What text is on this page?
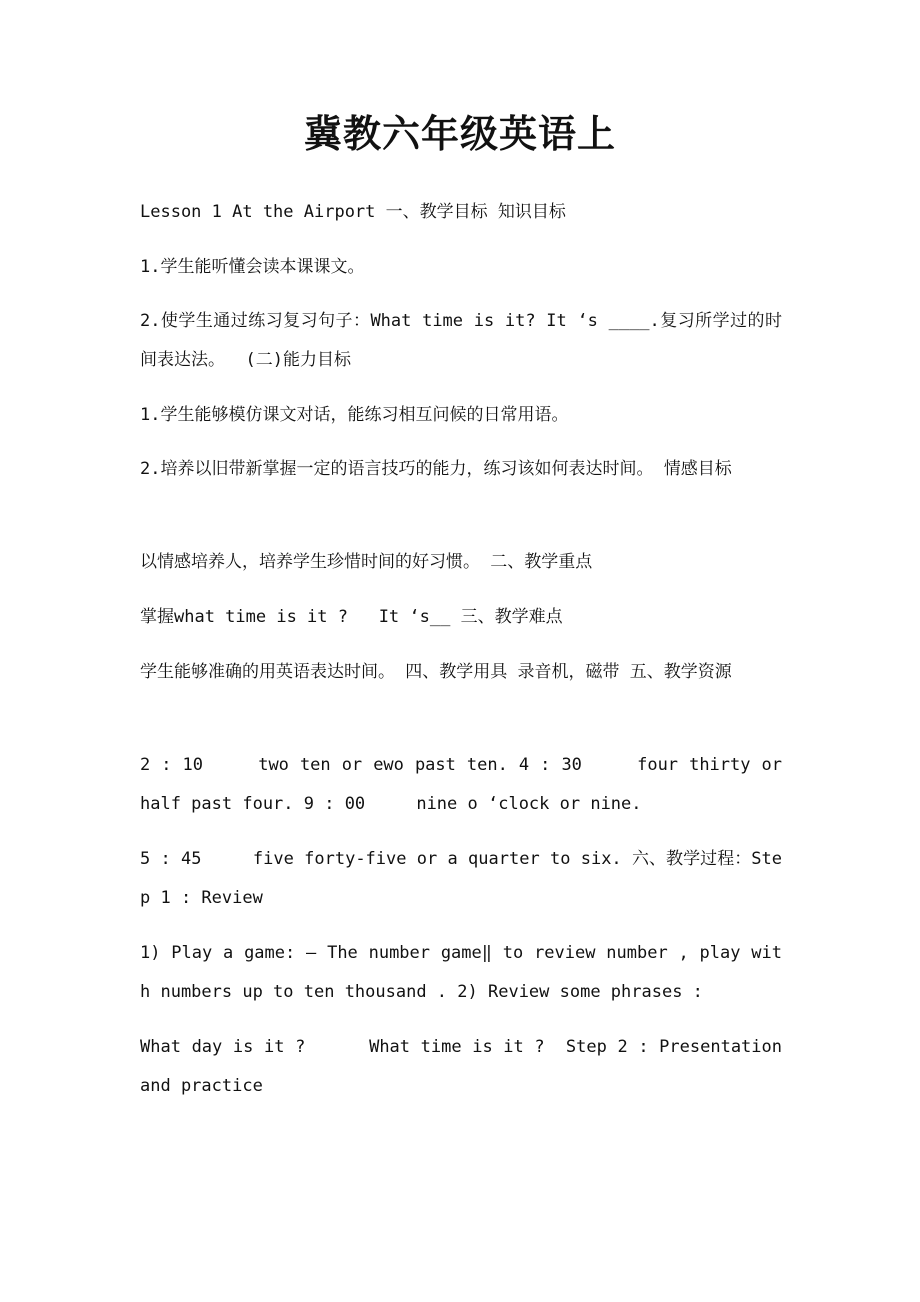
冀教六年级英语上

Lesson 1 At the Airport 一、教学目标 知识目标

1.学生能听懂会读本课课文。

2.使学生通过练习复习句子：What time is it? It ‘s ____.复习所学过的时间表达法。  (二)能力目标

1.学生能够模仿课文对话，能练习相互问候的日常用语。

2.培养以旧带新掌握一定的语言技巧的能力，练习该如何表达时间。 情感目标

以情感培养人，培养学生珍惜时间的好习惯。 二、教学重点

掌握what time is it ?   It ‘s__ 三、教学难点

学生能够准确的用英语表达时间。 四、教学用具 录音机，磁带 五、教学资源

2 : 10     two ten or ewo past ten. 4 : 30     four thirty or half past four. 9 : 00     nine o ‘clock or nine.

5 : 45     five forty-five or a quarter to six. 六、教学过程：Step 1 : Review

1) Play a game: — The number game‖ to review number , play with numbers up to ten thousand . 2) Review some phrases :

What day is it ?      What time is it ?  Step 2 : Presentation and practice
